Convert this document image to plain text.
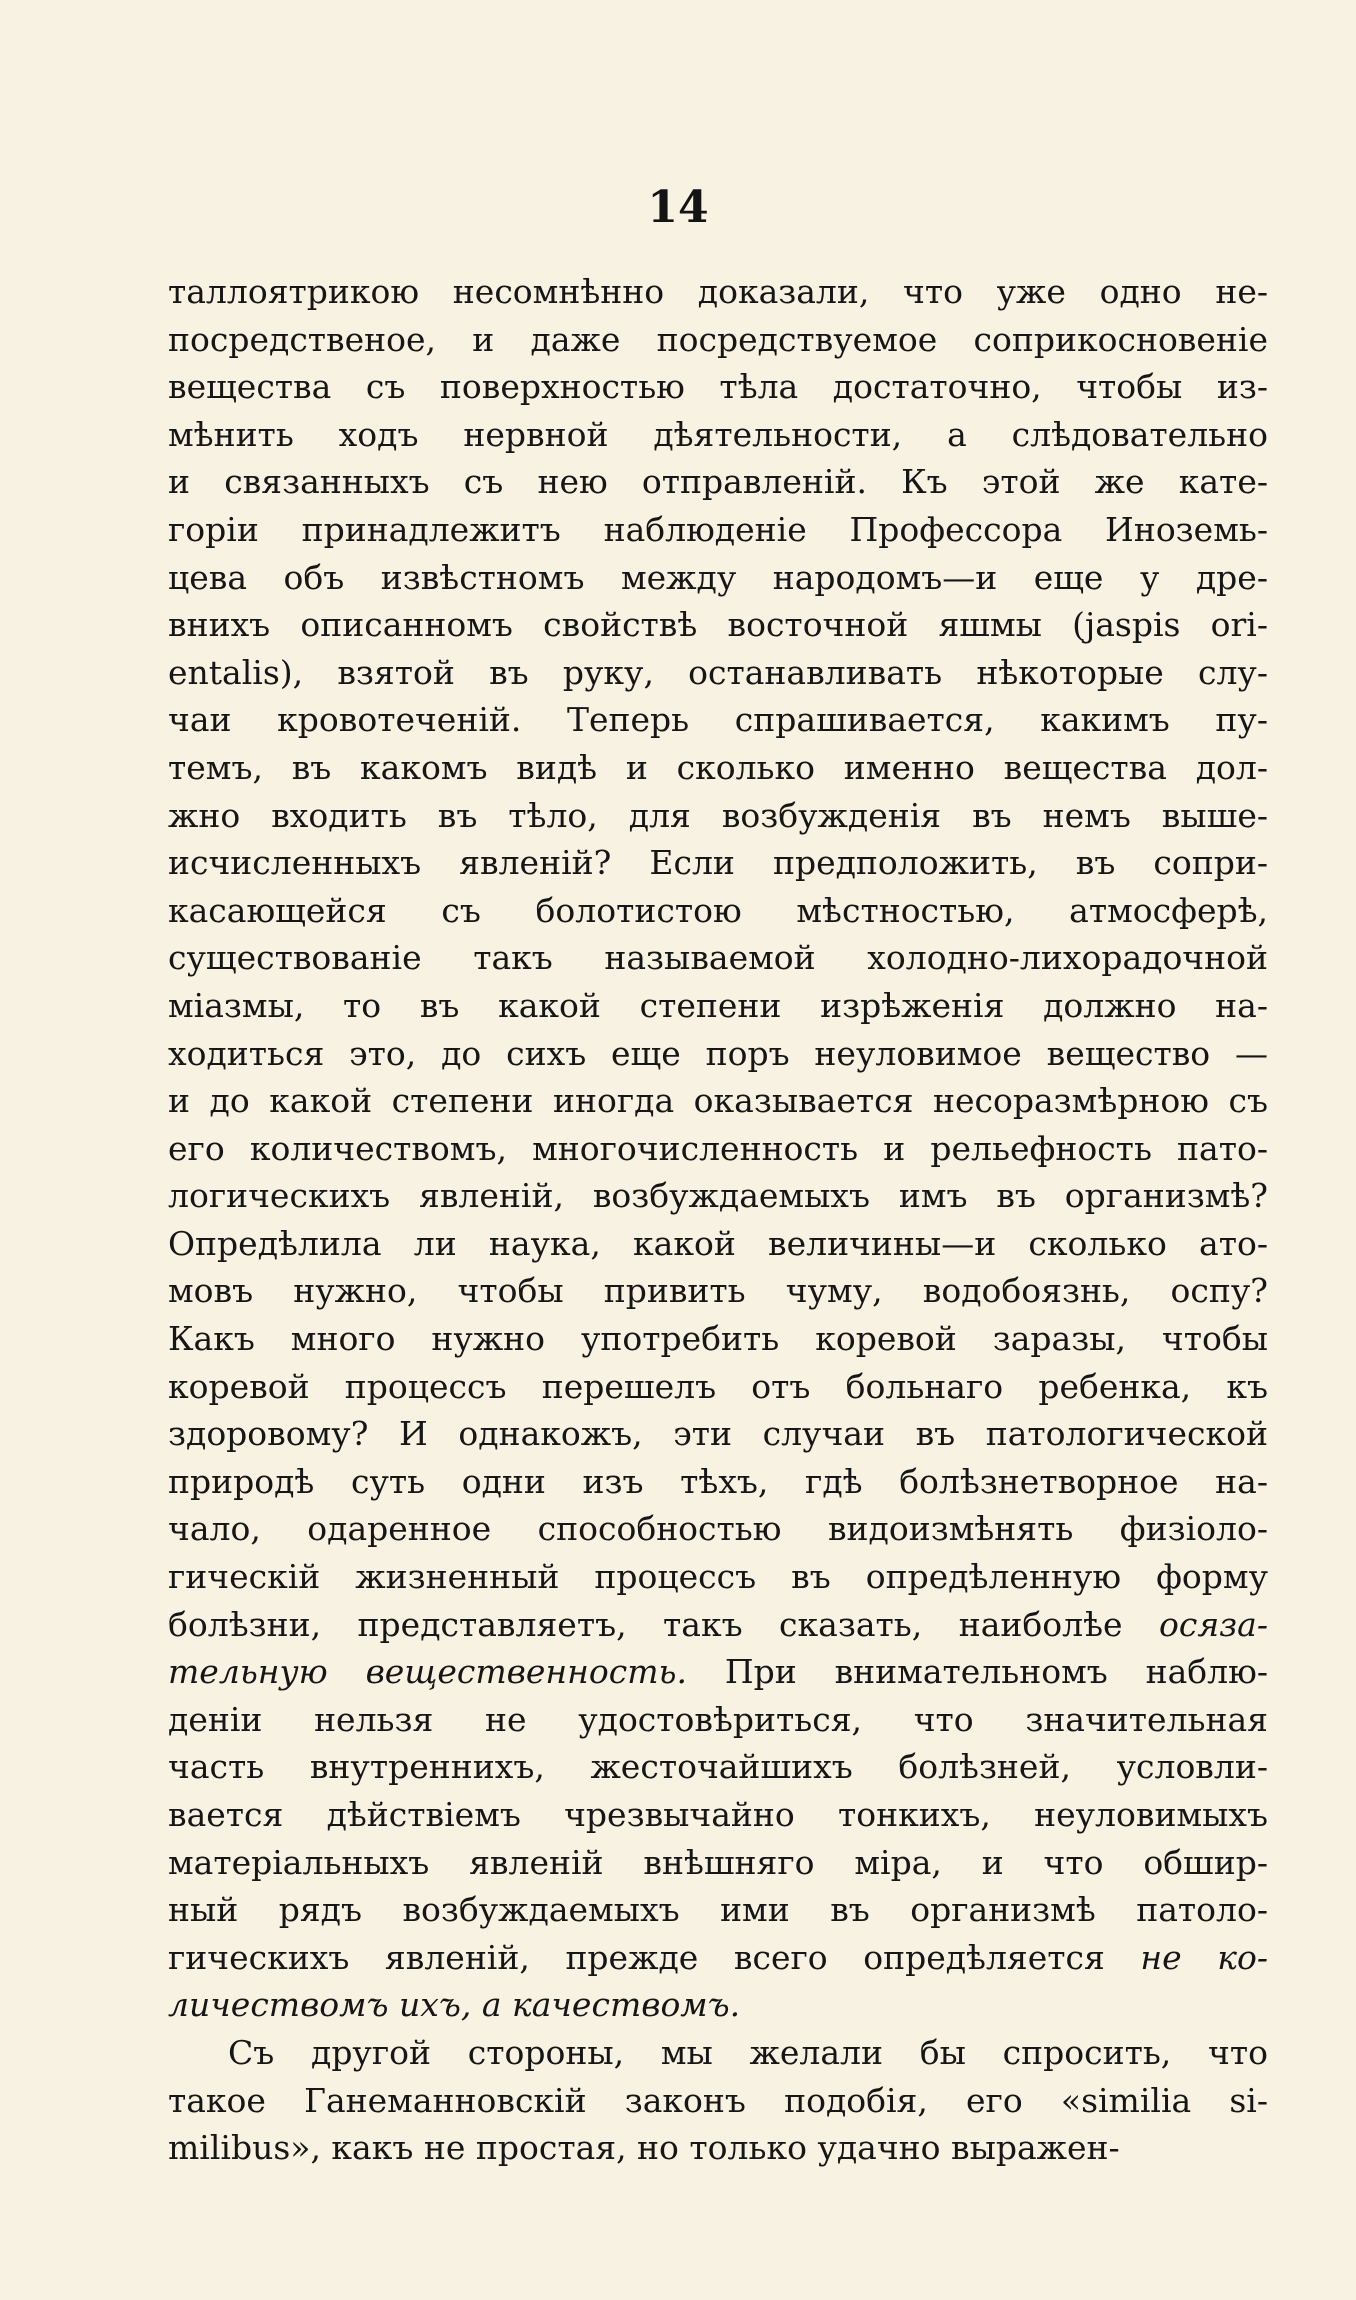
14
таллоятрикою несомнѣнно доказали, что уже одно не-
посредственое, и даже посредствуемое соприкосновеніе
вещества съ поверхностью тѣла достаточно, чтобы из-
мѣнить ходъ нервной дѣятельности, а слѣдовательно
и связанныхъ съ нею отправленій. Къ этой же кате-
горіи принадлежитъ наблюденіе Профессора Иноземь-
цева объ извѣстномъ между народомъ—и еще у дре-
внихъ описанномъ свойствѣ восточной яшмы (jaspis ori-
entalis), взятой въ руку, останавливать нѣкоторые слу-
чаи кровотеченій. Теперь спрашивается, какимъ пу-
темъ, въ какомъ видѣ и сколько именно вещества дол-
жно входить въ тѣло, для возбужденія въ немъ выше-
исчисленныхъ явленій? Если предположить, въ сопри-
касающейся съ болотистою мѣстностью, атмосферѣ,
существованіе такъ называемой холодно-лихорадочной
міазмы, то въ какой степени изрѣженія должно на-
ходиться это, до сихъ еще поръ неуловимое вещество —
и до какой степени иногда оказывается несоразмѣрною съ
его количествомъ, многочисленность и рельефность пато-
логическихъ явленій, возбуждаемыхъ имъ въ организмѣ?
Опредѣлила ли наука, какой величины—и сколько ато-
мовъ нужно, чтобы привить чуму, водобоязнь, оспу?
Какъ много нужно употребить коревой заразы, чтобы
коревой процессъ перешелъ отъ больнаго ребенка, къ
здоровому? И однакожъ, эти случаи въ патологической
природѣ суть одни изъ тѣхъ, гдѣ болѣзнетворное на-
чало, одаренное способностью видоизмѣнять физіоло-
гическій жизненный процессъ въ опредѣленную форму
болѣзни, представляетъ, такъ сказать, наиболѣе осяза-
тельную вещественность. При внимательномъ наблю-
деніи нельзя не удостовѣриться, что значительная
часть внутреннихъ, жесточайшихъ болѣзней, условли-
вается дѣйствіемъ чрезвычайно тонкихъ, неуловимыхъ
матеріальныхъ явленій внѣшняго міра, и что обшир-
ный рядъ возбуждаемыхъ ими въ организмѣ патоло-
гическихъ явленій, прежде всего опредѣляется не ко-
личествомъ ихъ, а качествомъ.
Съ другой стороны, мы желали бы спросить, что
такое Ганеманновскій законъ подобія, его «similia si-
milibus», какъ не простая, но только удачно выражен-
